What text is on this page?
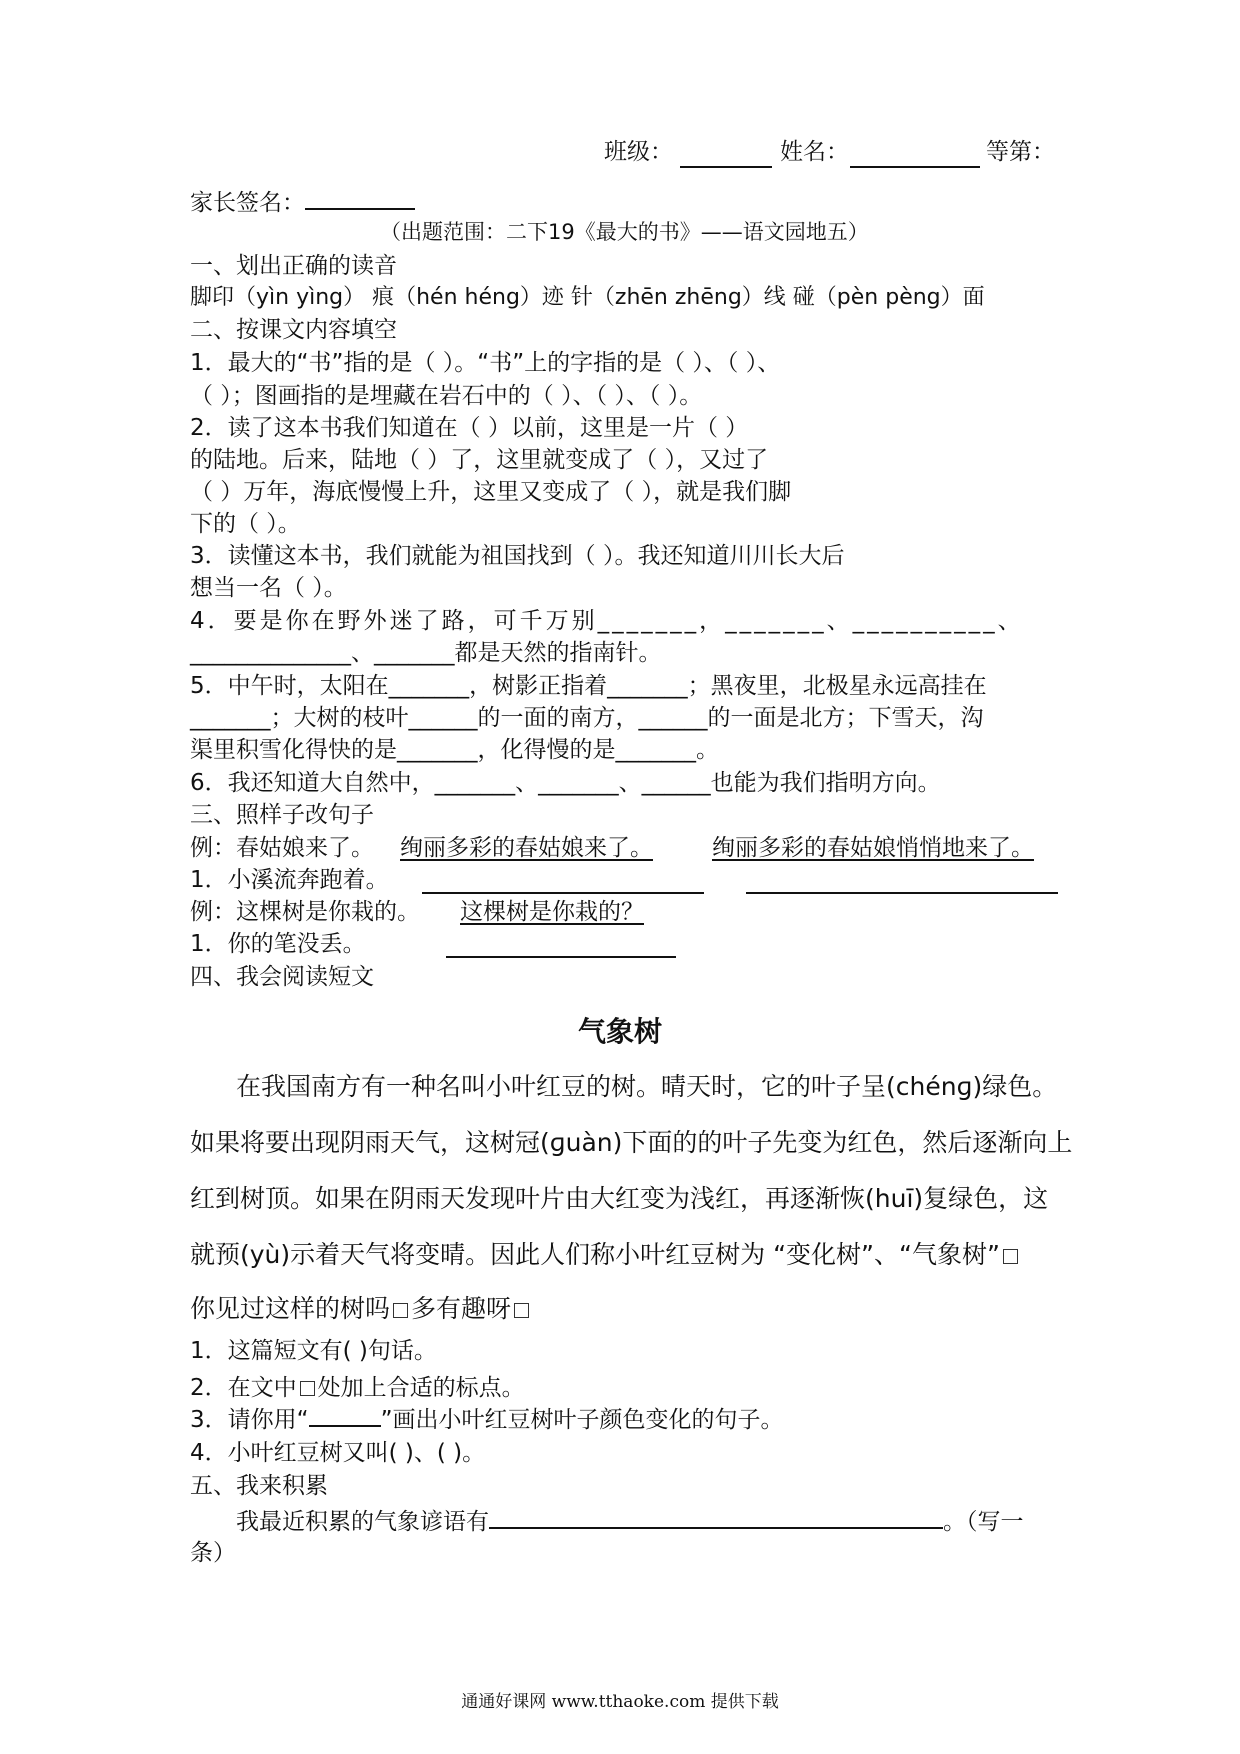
班级：	姓名：	等第：
家长签名：
（出题范围：二下19《最大的书》——语文园地五）
一、划出正确的读音
脚印（yìn yìng） 痕（hén héng）迹 针（zhēn zhēng）线 碰（pèn pèng）面
二、按课文内容填空
1．最大的“书”指的是（ ）。“书”上的字指的是（ ）、（ ）、
（ ）；图画指的是埋藏在岩石中的（ ）、（ ）、（ ）。
2．读了这本书我们知道在（ ）以前，这里是一片（ ）
的陆地。后来，陆地（ ）了，这里就变成了（ ），又过了
（ ）万年，海底慢慢上升，这里又变成了（ ），就是我们脚
下的（ ）。
3．读懂这本书，我们就能为祖国找到（ ）。我还知道川川长大后
想当一名（ ）。
4．要是你在野外迷了路，可千万别_______，_______、__________、
______________、_______都是天然的指南针。
5．中午时，太阳在_______，树影正指着_______；黑夜里，北极星永远高挂在
_______；大树的枝叶______的一面的南方，______的一面是北方；下雪天，沟
渠里积雪化得快的是_______，化得慢的是_______。
6．我还知道大自然中，_______、_______、______也能为我们指明方向。
三、照样子改句子
例：春姑娘来了。 绚丽多彩的春姑娘来了。	绚丽多彩的春姑娘悄悄地来了。
1．小溪流奔跑着。
例：这棵树是你栽的。 这棵树是你栽的？
1．你的笔没丢。
四、我会阅读短文
气象树
在我国南方有一种名叫小叶红豆的树。晴天时，它的叶子呈(chénɡ)绿色。
如果将要出现阴雨天气，这树冠(ɡuàn)下面的的叶子先变为红色，然后逐渐向上
红到树顶。如果在阴雨天发现叶片由大红变为浅红，再逐渐恢(huī)复绿色，这
就预(yù)示着天气将变晴。因此人们称小叶红豆树为 “变化树”、“气象树”
你见过这样的树吗 多有趣呀
1．这篇短文有( )句话。
2．在文中 处加上合适的标点。
3．请你用“	”画出小叶红豆树叶子颜色变化的句子。
4．小叶红豆树又叫( )、( )。
五、我来积累
我最近积累的气象谚语有	。（写一
条）
通通好课网 www.tthaoke.com 提供下载
